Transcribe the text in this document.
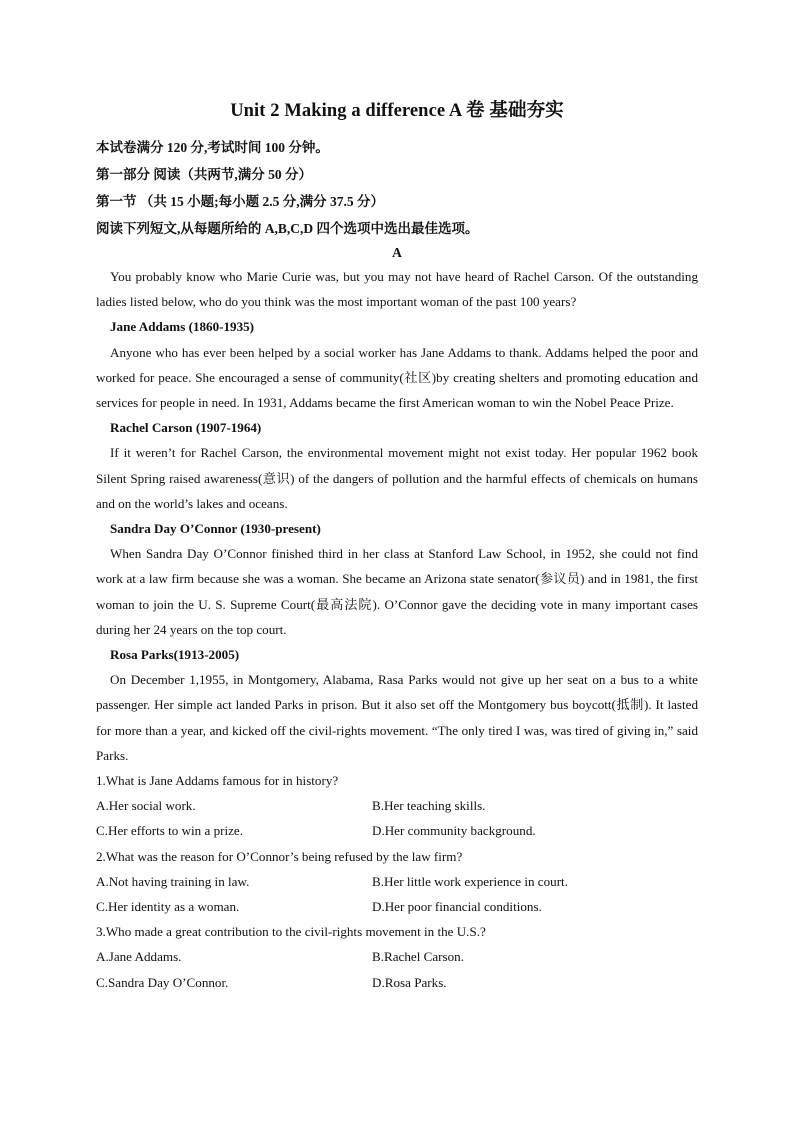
Unit 2 Making a difference A 卷 基础夯实
本试卷满分 120 分,考试时间 100 分钟。
第一部分 阅读（共两节,满分 50 分）
第一节 （共 15 小题;每小题 2.5 分,满分 37.5 分）
阅读下列短文,从每题所给的 A,B,C,D 四个选项中选出最佳选项。
A

You probably know who Marie Curie was, but you may not have heard of Rachel Carson. Of the outstanding ladies listed below, who do you think was the most important woman of the past 100 years?

Jane Addams (1860-1935)

Anyone who has ever been helped by a social worker has Jane Addams to thank. Addams helped the poor and worked for peace. She encouraged a sense of community(社区)by creating shelters and promoting education and services for people in need. In 1931, Addams became the first American woman to win the Nobel Peace Prize.

Rachel Carson (1907-1964)

If it weren’t for Rachel Carson, the environmental movement might not exist today. Her popular 1962 book Silent Spring raised awareness(意识) of the dangers of pollution and the harmful effects of chemicals on humans and on the world’s lakes and oceans.

Sandra Day O’Connor (1930-present)

When Sandra Day O’Connor finished third in her class at Stanford Law School, in 1952, she could not find work at a law firm because she was a woman. She became an Arizona state senator(参议员) and in 1981, the first woman to join the U. S. Supreme Court(最高法院). O’Connor gave the deciding vote in many important cases during her 24 years on the top court.

Rosa Parks(1913-2005)

On December 1,1955, in Montgomery, Alabama, Rasa Parks would not give up her seat on a bus to a white passenger. Her simple act landed Parks in prison. But it also set off the Montgomery bus boycott(抵制). It lasted for more than a year, and kicked off the civil-rights movement. “The only tired I was, was tired of giving in,” said Parks.

1.What is Jane Addams famous for in history?

A.Her social work.	B.Her teaching skills.
C.Her efforts to win a prize.	D.Her community background.

2.What was the reason for O’Connor’s being refused by the law firm?

A.Not having training in law.	B.Her little work experience in court.
C.Her identity as a woman.	D.Her poor financial conditions.

3.Who made a great contribution to the civil-rights movement in the U.S.?

A.Jane Addams.	B.Rachel Carson.
C.Sandra Day O’Connor.	D.Rosa Parks.
